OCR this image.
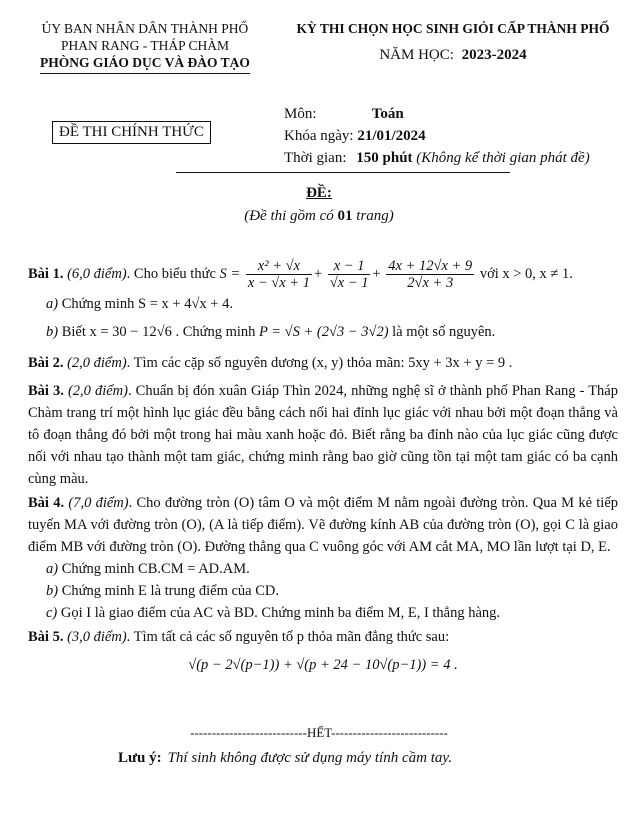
ỦY BAN NHÂN DÂN THÀNH PHỐ
PHAN RANG - THÁP CHÀM
PHÒNG GIÁO DỤC VÀ ĐÀO TẠO
KỲ THI CHỌN HỌC SINH GIỎI CẤP THÀNH PHỐ
NĂM HỌC: 2023-2024
ĐỀ THI CHÍNH THỨC
Môn:	Toán
Khóa ngày: 21/01/2024
Thời gian: 150 phút (Không kể thời gian phát đề)
ĐỀ:
(Đề thi gồm có 01 trang)

Bài 1. (6,0 điểm). Cho biểu thức $S = \frac{\text{x² + √x}}{x - √x + 1} + \frac{x - 1}{√x - 1} + \frac{4x + 12√x + 9}{2√x + 3}$ với x > 0, x ≠ 1.

a) Chứng minh S = x + 4√x + 4.

b) Biết x = 30 − 12√6 . Chứng minh P = √S + (2√3 − 3√2) là một số nguyên.

Bài 2. (2,0 điểm). Tìm các cặp số nguyên dương (x, y) thỏa mãn: 5xy + 3x + y = 9 .

Bài 3. (2,0 điểm). Chuẩn bị đón xuân Giáp Thìn 2024, những nghệ sĩ ở thành phố Phan Rang - Tháp Chàm trang trí một hình lục giác đều bằng cách nối hai đỉnh lục giác với nhau bởi một đoạn thẳng và tô đoạn thẳng đó bởi một trong hai màu xanh hoặc đỏ. Biết rằng ba đỉnh nào của lục giác cũng được nối với nhau tạo thành một tam giác, chứng minh rằng bao giờ cũng tồn tại một tam giác có ba cạnh cùng màu.

Bài 4. (7,0 điểm). Cho đường tròn (O) tâm O và một điểm M nằm ngoài đường tròn. Qua M kẻ tiếp tuyến MA với đường tròn (O), (A là tiếp điểm). Vẽ đường kính AB của đường tròn (O), gọi C là giao điểm MB với đường tròn (O). Đường thẳng qua C vuông góc với AM cắt MA, MO lần lượt tại D, E.

a) Chứng minh CB.CM = AD.AM.

b) Chứng minh E là trung điểm của CD.

c) Gọi I là giao điểm của AC và BD. Chứng minh ba điểm M, E, I thẳng hàng.

Bài 5. (3,0 điểm). Tìm tất cả các số nguyên tố p thỏa mãn đẳng thức sau:

√(p − 2√(p−1)) + √(p + 24 − 10√(p−1)) = 4 .

---------------------------HẾT---------------------------
Lưu ý: Thí sinh không được sử dụng máy tính cầm tay.
